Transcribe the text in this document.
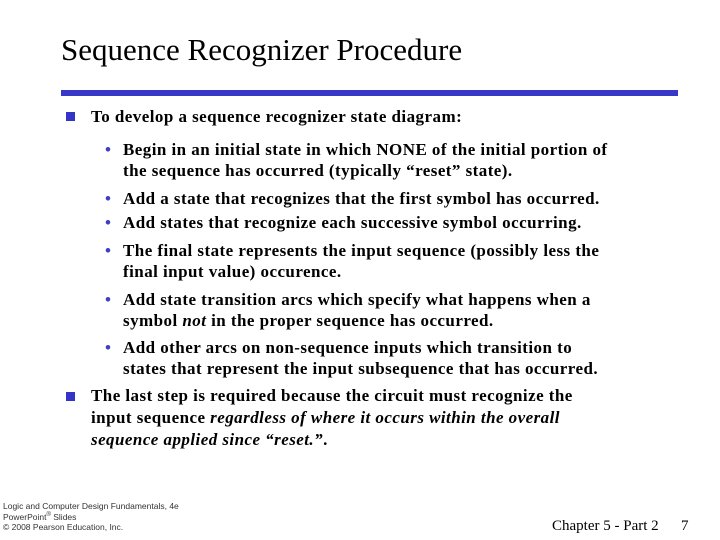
Sequence Recognizer Procedure
To develop a sequence recognizer state diagram:
• Begin in an initial state in which NONE of the initial portion of
the sequence has occurred (typically “reset” state).
• Add a state that recognizes that the first symbol has occurred.
• Add states that recognize each successive symbol occurring.
• The final state represents the input sequence (possibly less the
final input value) occurence.
• Add state transition arcs which specify what happens when a
symbol not in the proper sequence has occurred.
• Add other arcs on non-sequence inputs which transition to
states that represent the input subsequence that has occurred.
The last step is required because the circuit must recognize the
input sequence regardless of where it occurs within the overall
sequence applied since “reset.”.
Logic and Computer Design Fundamentals, 4e
PowerPoint® Slides
© 2008 Pearson Education, Inc.	Chapter 5 - Part 2 7
